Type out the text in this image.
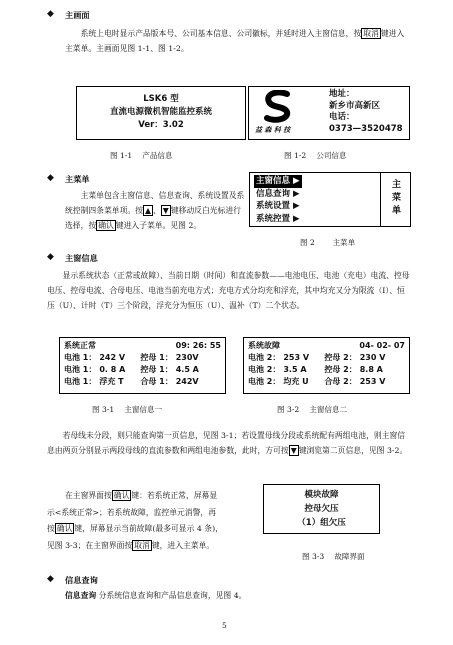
◆ 主画面
系统上电时显示产品版本号、公司基本信息、公司徽标，并延时进入主窗信息，按 取消 键进入主菜单。主画面见图 1-1、图 1-2。
LSK6 型
直流电源微机智能监控系统
Ver：3.02
图 1-1　 产品信息
益 森 科 技
地址：
新乡市高新区
电话：
0373—3520478
图 1-2　 公司信息
◆ 主菜单
主菜单包含主窗信息、信息查询、系统设置及系统控制四条菜单项。按 ▲ 、 ▼ 键移动反白光标进行选择，按 确认 键进入子菜单。见图 2。
主窗信息 ▶
信息查询 ▶
系统设置 ▶
系统控置 ▶
主
菜
单
图 2　　 主菜单
◆ 主窗信息
显示系统状态（正常或故障）、当前日期（时间）和直流参数——电池电压、电池（充电）电流、控母电压、控母电流、合母电压、电池当前充电方式；充电方式分均充和浮充，其中均充又分为限流（I）、恒压（U）、计时（T）三个阶段，浮充分为恒压（U）、温补（T）二个状态。
系统正常	09: 26: 55
电池 1：	242 V	控母 1：	230V
电池 1：	0. 8 A	控母 1：	4.5 A
电池 1：	浮充 T	合母 1：	242V
图 3-1　 主窗信息一
系统故障	04- 02- 07
电池 2：	253 V	控母 2：	230 V
电池 2：	3.5 A	控母 2：	8.8 A
电池 2：	均充 U	合母 2：	253 V
图 3-2　 主窗信息二
若母线未分段，则只能查询第一页信息，见图 3-1；若设置母线分段或系统配有两组电池，则主窗信息由两页分别显示两段母线的直流参数和两组电池参数，此时，方可按 ▼ 键浏览第二页信息，见图 3-2。
在主窗界面按 确认 键：若系统正常，屏幕显
示<系统正常>；若系统故障，监控单元消警，再
按 确认 键，屏幕显示当前故障(最多可显示 4 条)，
见图 3-3；在主窗界面按 取消 键，进入主菜单。
模块故障
控母欠压
（1）组欠压
图 3-3　 故障界面
◆ 信息查询
信息查询 分系统信息查询和产品信息查询，见图 4。
5
